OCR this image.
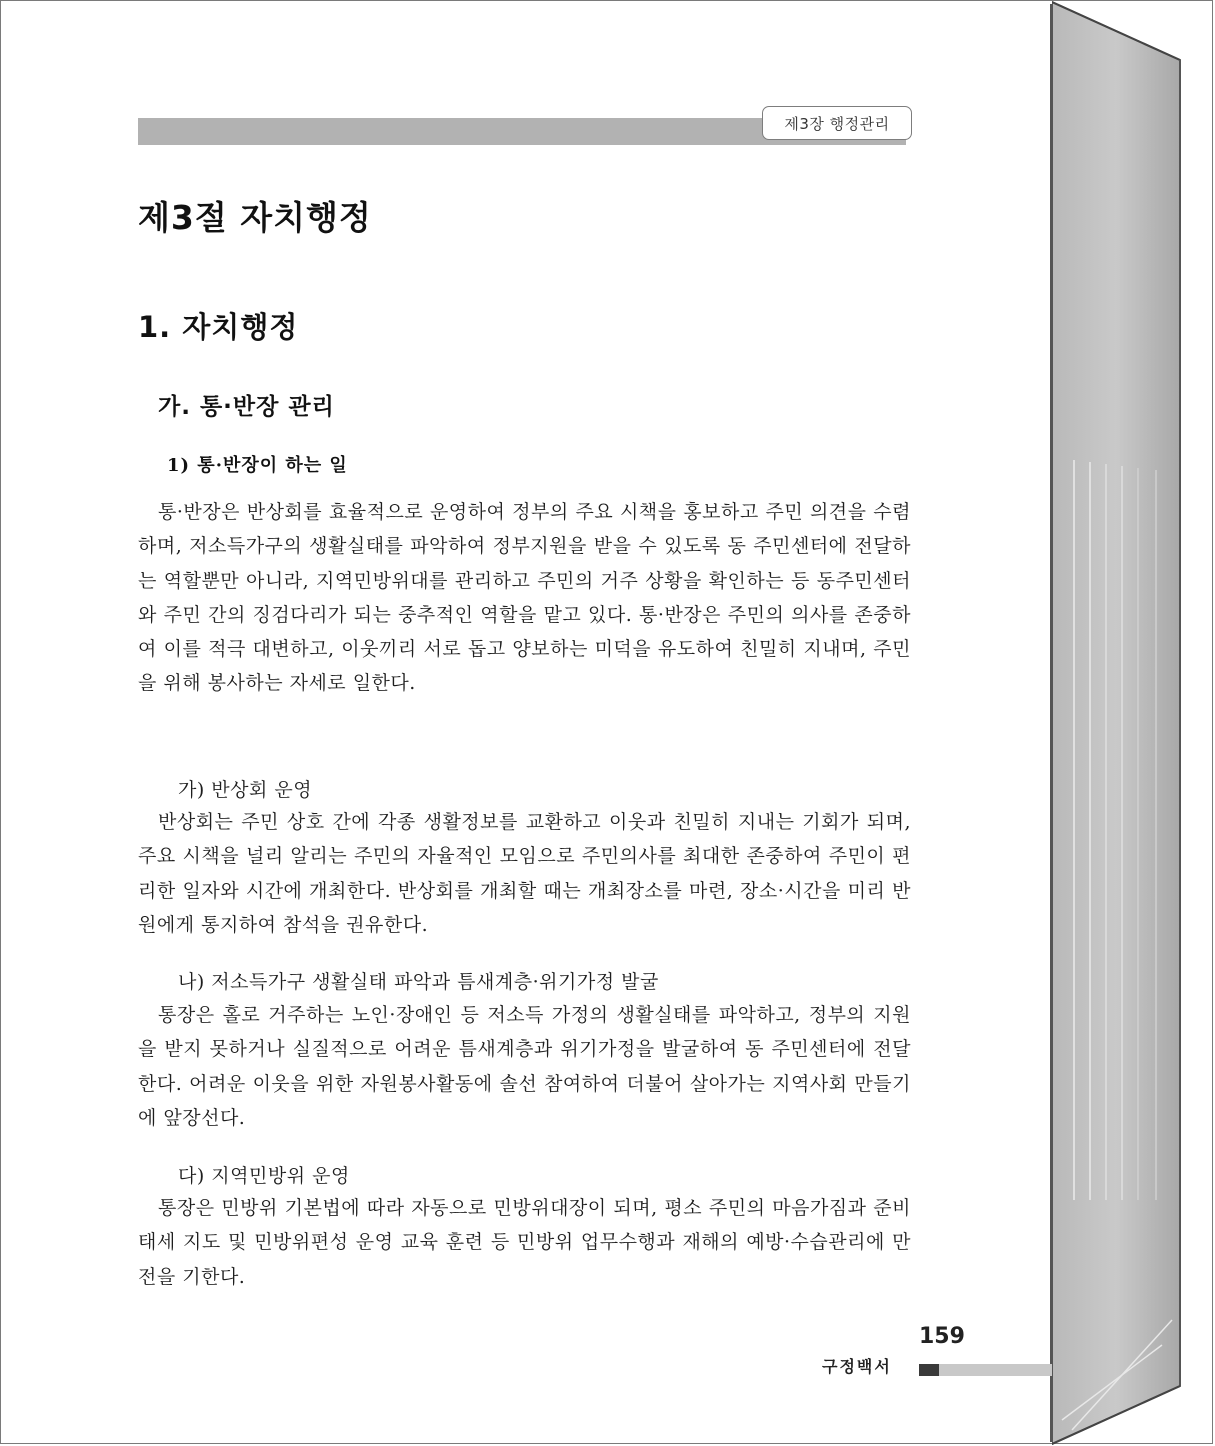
제3장 행정관리
제3절 자치행정
1. 자치행정
가. 통·반장 관리
1) 통·반장이 하는 일

통·반장은 반상회를 효율적으로 운영하여 정부의 주요 시책을 홍보하고 주민 의견을 수렴하며, 저소득가구의 생활실태를 파악하여 정부지원을 받을 수 있도록 동 주민센터에 전달하는 역할뿐만 아니라, 지역민방위대를 관리하고 주민의 거주 상황을 확인하는 등 동주민센터와 주민 간의 징검다리가 되는 중추적인 역할을 맡고 있다. 통·반장은 주민의 의사를 존중하여 이를 적극 대변하고, 이웃끼리 서로 돕고 양보하는 미덕을 유도하여 친밀히 지내며, 주민을 위해 봉사하는 자세로 일한다.

가) 반상회 운영

반상회는 주민 상호 간에 각종 생활정보를 교환하고 이웃과 친밀히 지내는 기회가 되며, 주요 시책을 널리 알리는 주민의 자율적인 모임으로 주민의사를 최대한 존중하여 주민이 편리한 일자와 시간에 개최한다. 반상회를 개최할 때는 개최장소를 마련, 장소·시간을 미리 반원에게 통지하여 참석을 권유한다.

나) 저소득가구 생활실태 파악과 틈새계층·위기가정 발굴

통장은 홀로 거주하는 노인·장애인 등 저소득 가정의 생활실태를 파악하고, 정부의 지원을 받지 못하거나 실질적으로 어려운 틈새계층과 위기가정을 발굴하여 동 주민센터에 전달한다. 어려운 이웃을 위한 자원봉사활동에 솔선 참여하여 더불어 살아가는 지역사회 만들기에 앞장선다.

다) 지역민방위 운영

통장은 민방위 기본법에 따라 자동으로 민방위대장이 되며, 평소 주민의 마음가짐과 준비태세 지도 및 민방위편성 운영 교육 훈련 등 민방위 업무수행과 재해의 예방·수습관리에 만전을 기한다.

159
구정백서
